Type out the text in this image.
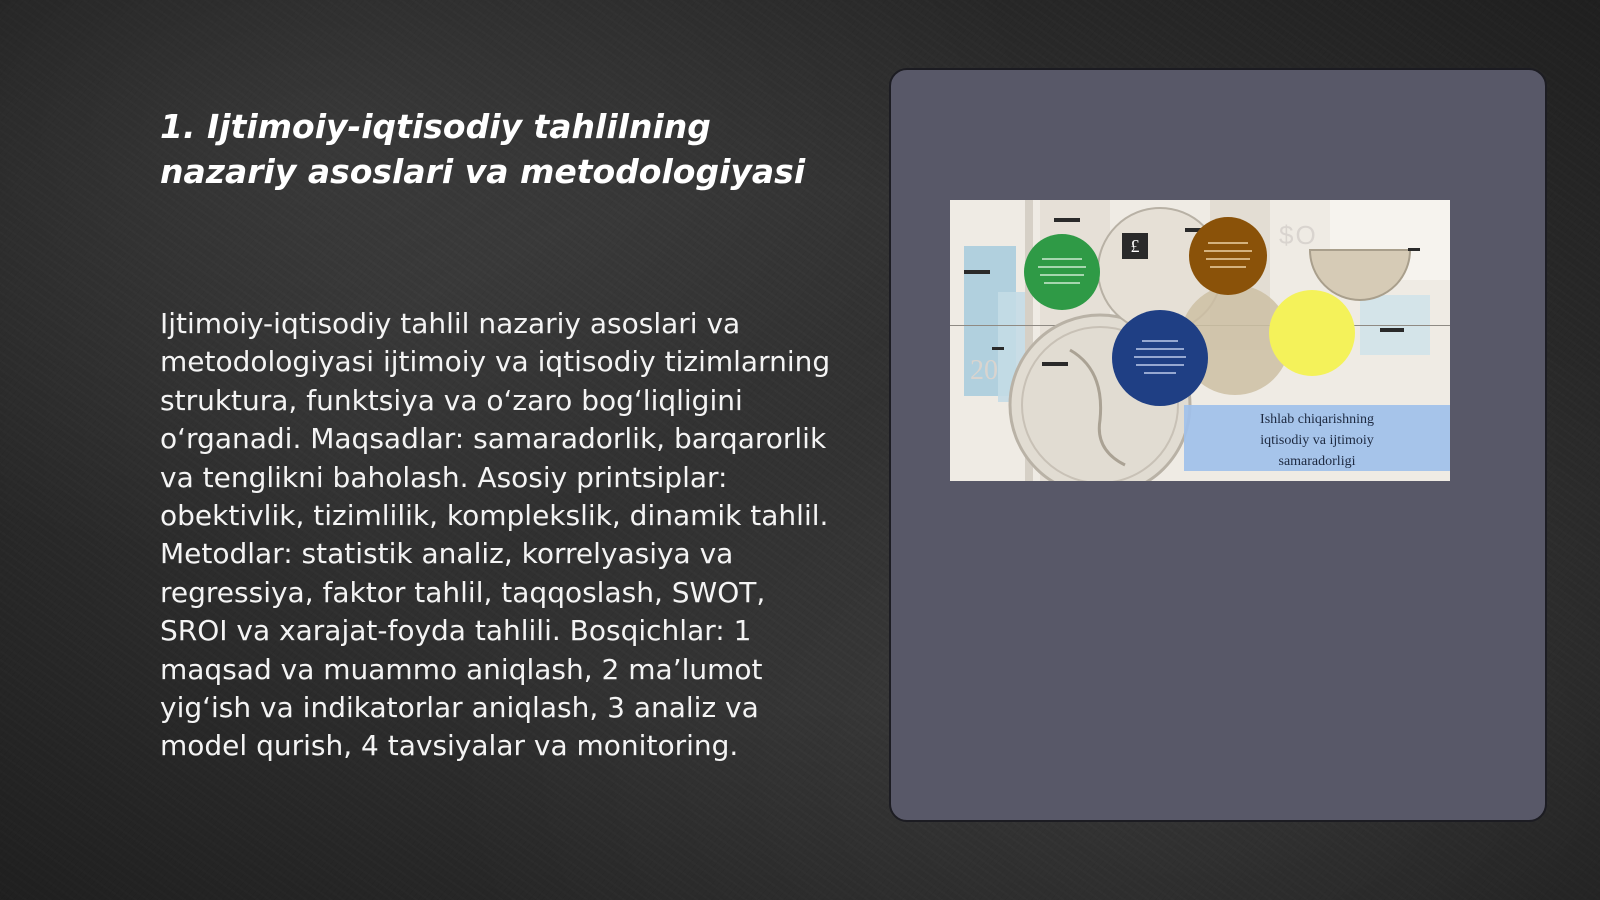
1. Ijtimoiy-iqtisodiy tahlilning nazariy asoslari va metodologiyasi

Ijtimoiy-iqtisodiy tahlil nazariy asoslari va metodologiyasi ijtimoiy va iqtisodiy tizimlarning struktura, funktsiya va o‘zaro bog‘liqligini o‘rganadi. Maqsadlar: samaradorlik, barqarorlik va tenglikni baholash. Asosiy printsiplar: obektivlik, tizimlilik, komplekslik, dinamik tahlil. Metodlar: statistik analiz, korrelyasiya va regressiya, faktor tahlil, taqqoslash, SWOT, SROI va xarajat-foyda tahlili. Bosqichlar: 1 maqsad va muammo aniqlash, 2 ma’lumot yig‘ish va indikatorlar aniqlash, 3 analiz va model qurish, 4 tavsiyalar va monitoring.

£	$O
20
Ishlab chiqarishning
iqtisodiy va ijtimoiy
samaradorligi
